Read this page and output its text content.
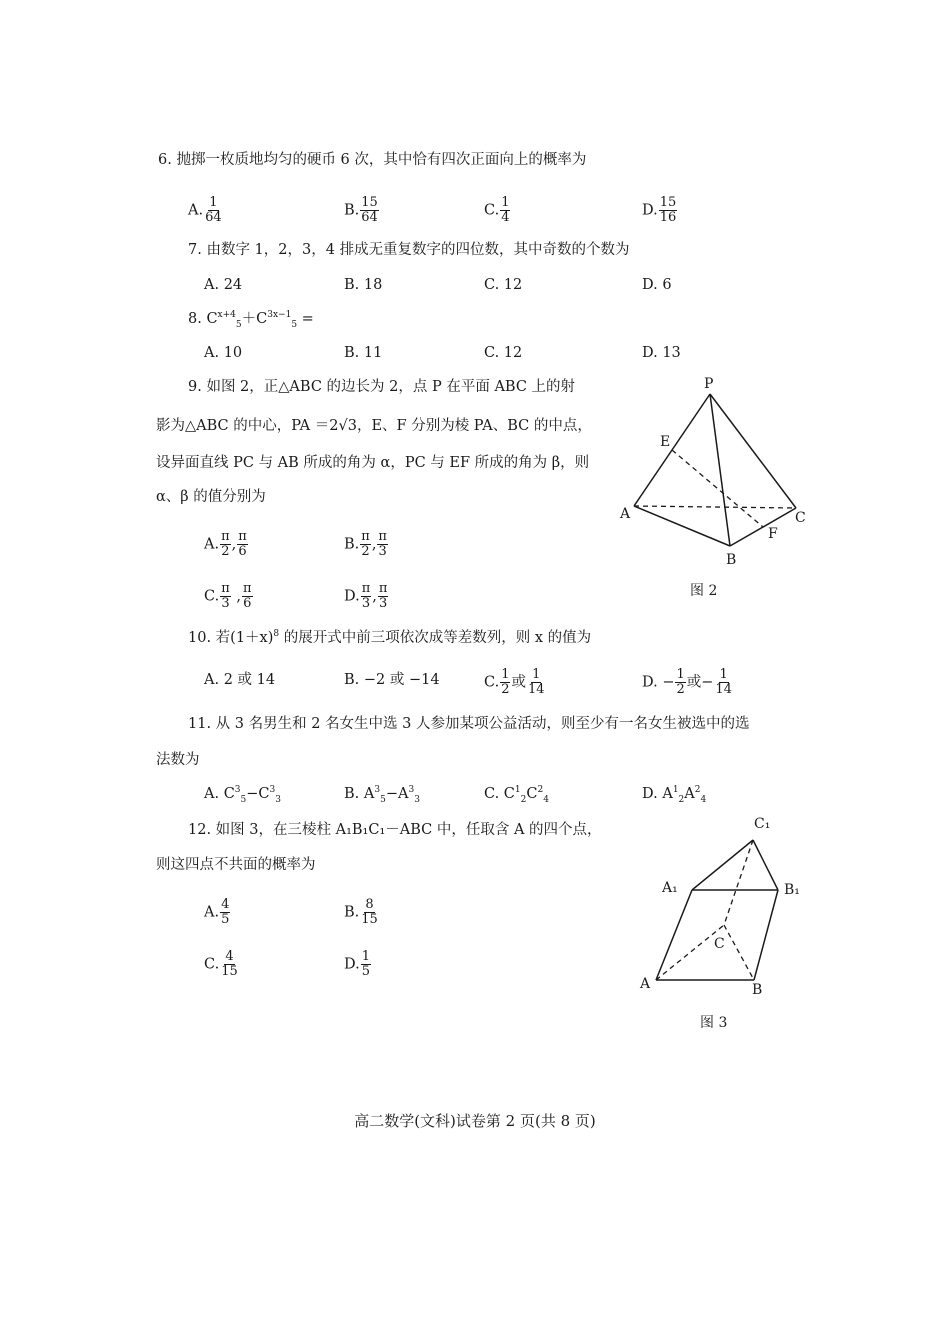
6. 抛掷一枚质地均匀的硬币 6 次，其中恰有四次正面向上的概率为
A. $\frac{1}{64}$	B. $\frac{15}{64}$	C. $\frac{1}{4}$	D. $\frac{15}{16}$
7. 由数字 1，2，3，4 排成无重复数字的四位数，其中奇数的个数为
A. 24	B. 18	C. 12	D. 6
8. $C^{x+4}_5+C^{3x-1}_5$ =
A. 10	B. 11	C. 12	D. 13
9. 如图 2，正△ABC 的边长为 2，点 P 在平面 ABC 上的射
影为△ABC 的中心，PA ＝2√3，E、F 分别为棱 PA、BC 的中点，
设异面直线 PC 与 AB 所成的角为 α，PC 与 EF 所成的角为 β，则
α、β 的值分别为
A. $\frac{\pi}{2}$ , $\frac{\pi}{6}$	B. $\frac{\pi}{2}$ , $\frac{\pi}{3}$
C. $\frac{\pi}{3}$ , $\frac{\pi}{6}$	D. $\frac{\pi}{3}$ , $\frac{\pi}{3}$
P
E
A	C
F
B
图 2
10. 若$(1+x)^8$ 的展开式中前三项依次成等差数列，则 x 的值为
A. 2 或 14	B. −2 或 −14	C. $\frac{1}{2}$ 或 $\frac{1}{14}$	D. − $\frac{1}{2}$ 或− $\frac{1}{14}$
11. 从 3 名男生和 2 名女生中选 3 人参加某项公益活动，则至少有一名女生被选中的选
法数为
A. $C^3_5-C^3_3$	B. $A^3_5-A^3_3$	C. $C^1_2C^2_4$	D. $A^1_2A^2_4$
12. 如图 3，在三棱柱 A₁B₁C₁－ABC 中，任取含 A 的四个点，
则这四点不共面的概率为
A. $\frac{4}{5}$	B. $\frac{8}{15}$
C. $\frac{4}{15}$	D. $\frac{1}{5}$
C₁
A₁	B₁
C
A	B
图 3
高二数学(文科)试卷第 2 页(共 8 页)
